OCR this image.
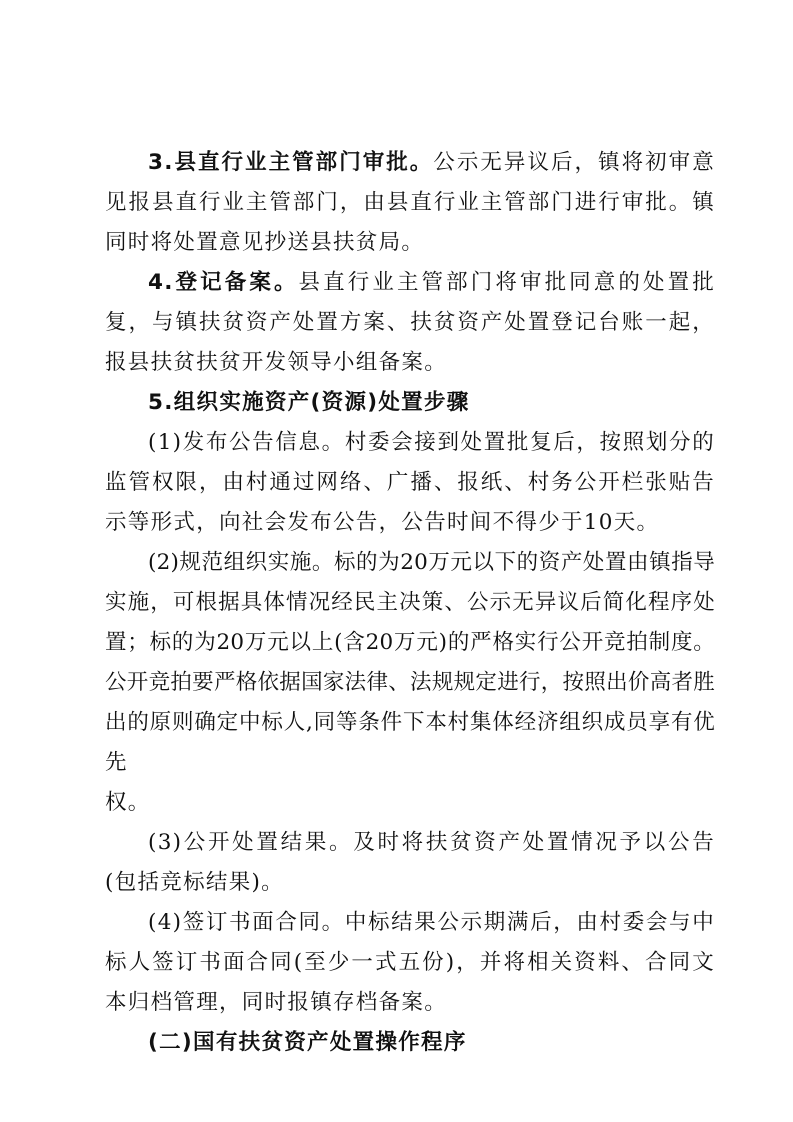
3.县直行业主管部门审批。公示无异议后，镇将初审意见报县直行业主管部门，由县直行业主管部门进行审批。镇同时将处置意见抄送县扶贫局。

4.登记备案。县直行业主管部门将审批同意的处置批复，与镇扶贫资产处置方案、扶贫资产处置登记台账一起，报县扶贫扶贫开发领导小组备案。

5.组织实施资产(资源)处置步骤

(1)发布公告信息。村委会接到处置批复后，按照划分的监管权限，由村通过网络、广播、报纸、村务公开栏张贴告示等形式，向社会发布公告，公告时间不得少于10天。

(2)规范组织实施。标的为20万元以下的资产处置由镇指导实施，可根据具体情况经民主决策、公示无异议后简化程序处置；标的为20万元以上(含20万元)的严格实行公开竞拍制度。公开竞拍要严格依据国家法律、法规规定进行，按照出价高者胜出的原则确定中标人,同等条件下本村集体经济组织成员享有优先

权。

(3)公开处置结果。及时将扶贫资产处置情况予以公告(包括竞标结果)。

(4)签订书面合同。中标结果公示期满后，由村委会与中标人签订书面合同(至少一式五份)，并将相关资料、合同文本归档管理，同时报镇存档备案。

(二)国有扶贫资产处置操作程序
